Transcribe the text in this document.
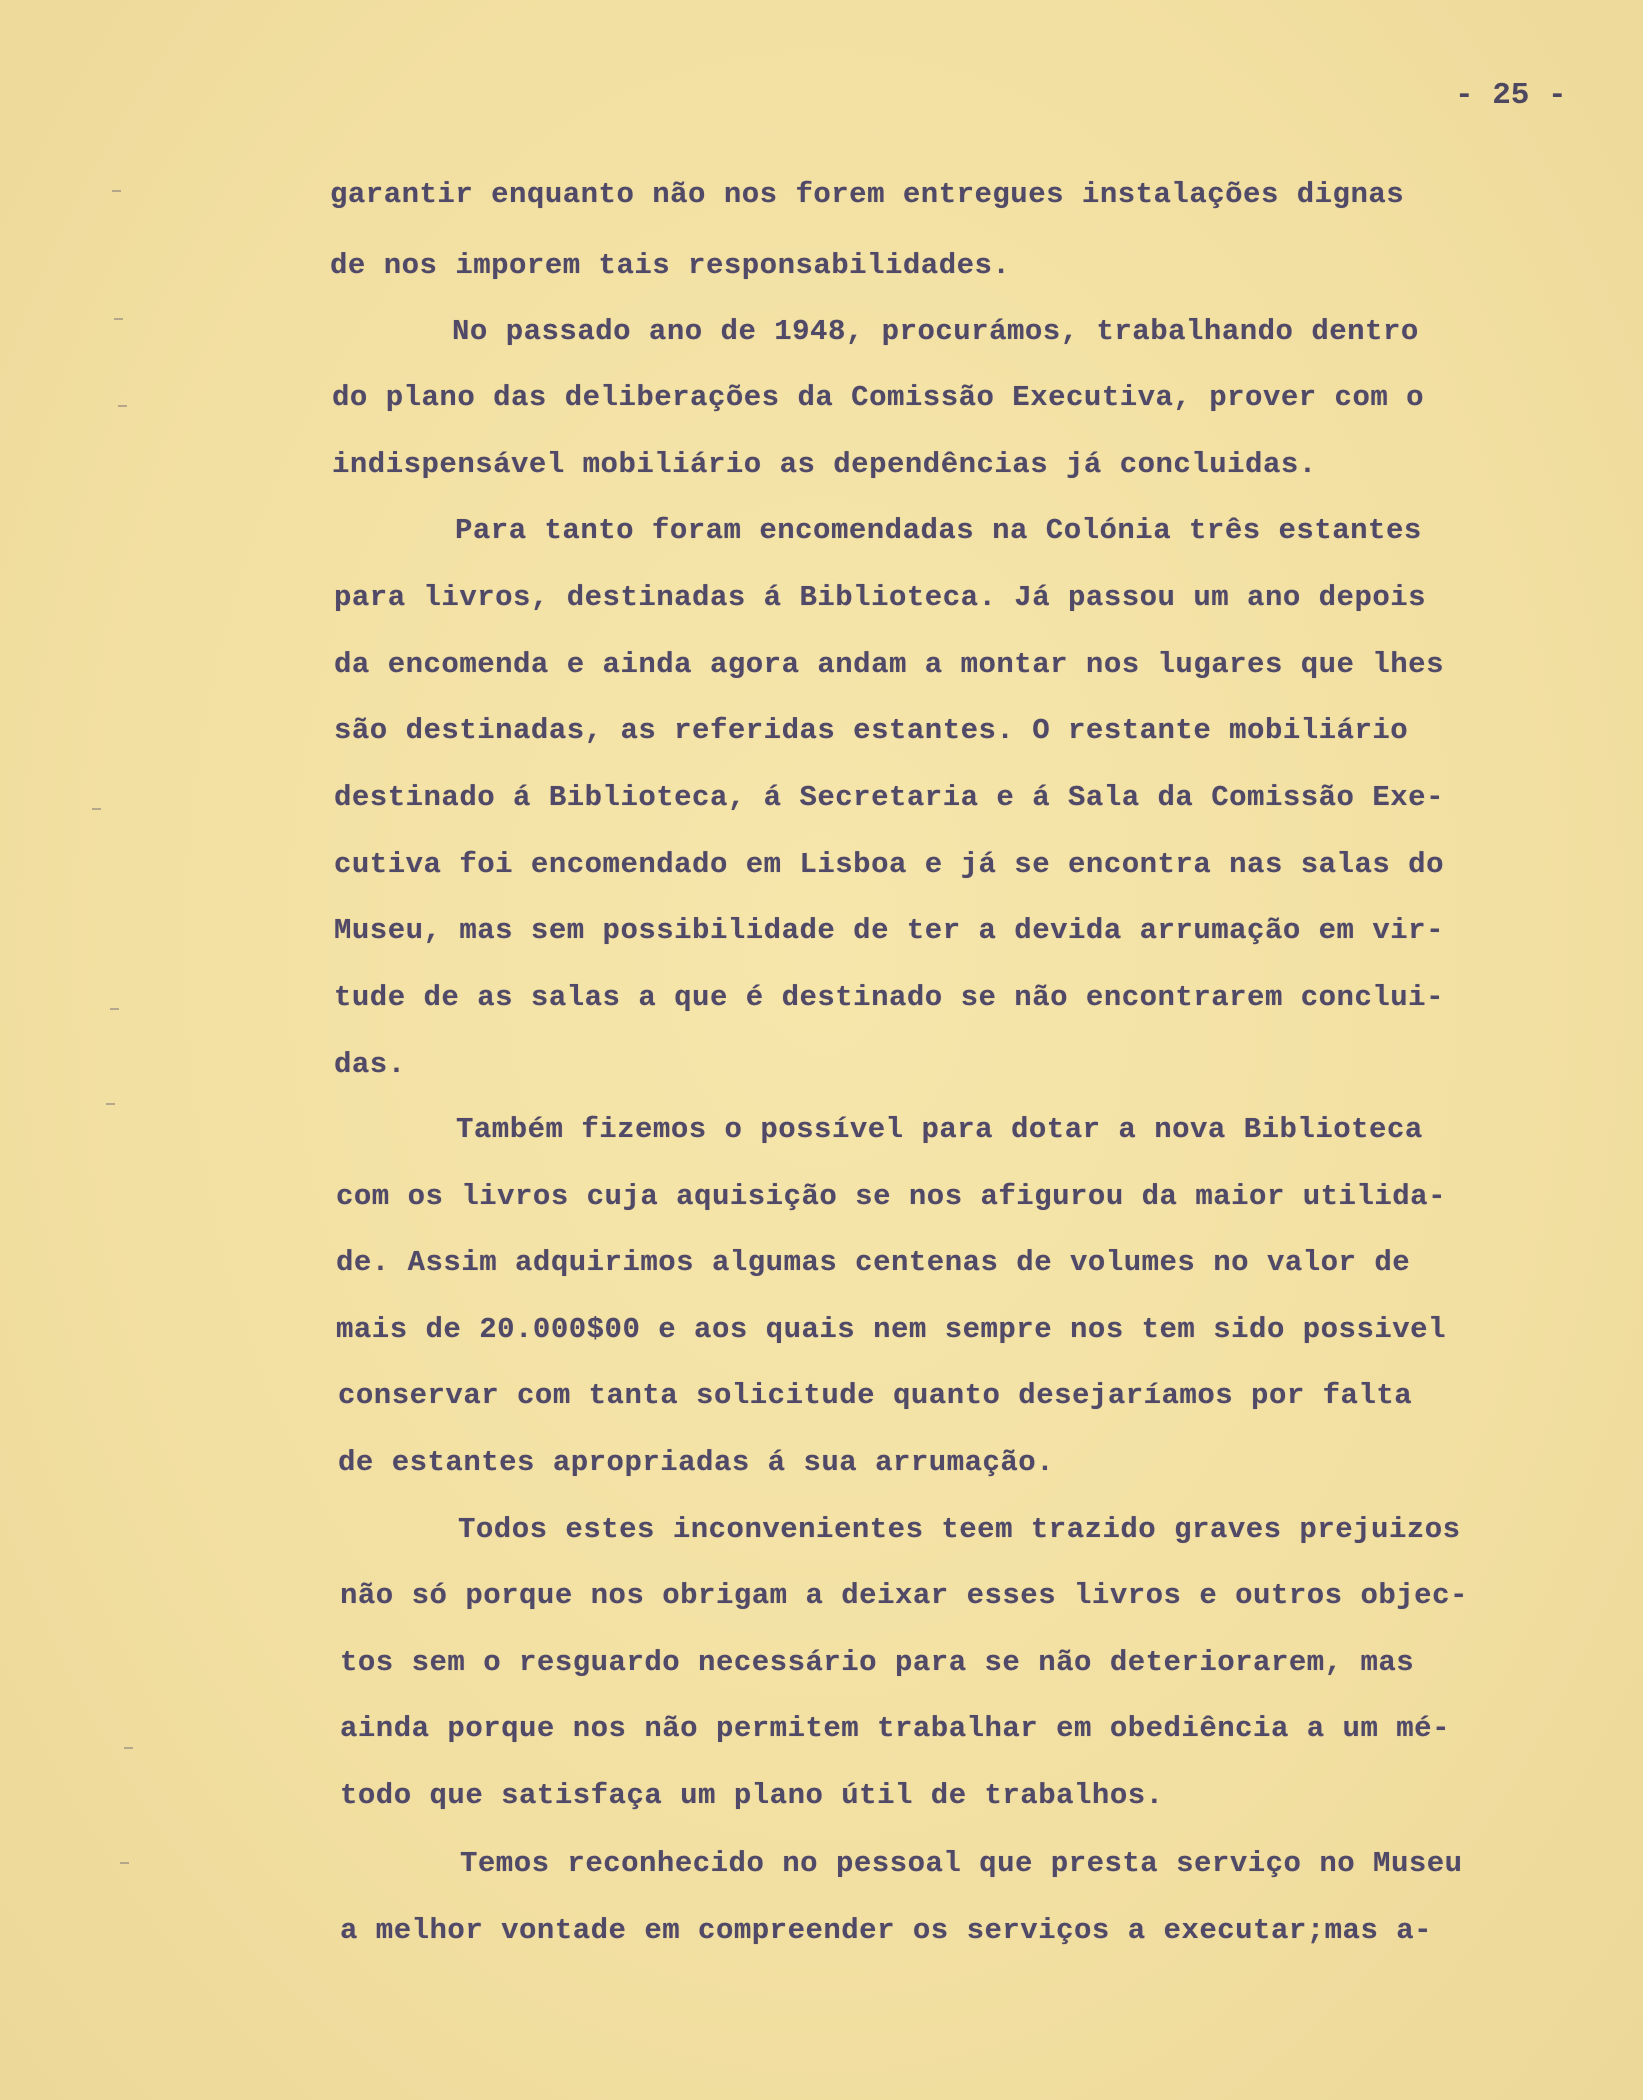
- 25 -
garantir enquanto não nos forem entregues instalações dignas
de nos imporem tais responsabilidades.
No passado ano de 1948, procurámos, trabalhando dentro
do plano das deliberações da Comissão Executiva, prover com o
indispensável mobiliário as dependências já concluidas.
Para tanto foram encomendadas na Colónia três estantes
para livros, destinadas á Biblioteca. Já passou um ano depois
da encomenda e ainda agora andam a montar nos lugares que lhes
são destinadas, as referidas estantes. O restante mobiliário
destinado á Biblioteca, á Secretaria e á Sala da Comissão Exe-
cutiva foi encomendado em Lisboa e já se encontra nas salas do
Museu, mas sem possibilidade de ter a devida arrumação em vir-
tude de as salas a que é destinado se não encontrarem conclui-
das.
Também fizemos o possível para dotar a nova Biblioteca
com os livros cuja aquisição se nos afigurou da maior utilida-
de. Assim adquirimos algumas centenas de volumes no valor de
mais de 20.000$00 e aos quais nem sempre nos tem sido possivel
conservar com tanta solicitude quanto desejaríamos por falta
de estantes apropriadas á sua arrumação.
Todos estes inconvenientes teem trazido graves prejuizos
não só porque nos obrigam a deixar esses livros e outros objec-
tos sem o resguardo necessário para se não deteriorarem, mas
ainda porque nos não permitem trabalhar em obediência a um mé-
todo que satisfaça um plano útil de trabalhos.
Temos reconhecido no pessoal que presta serviço no Museu
a melhor vontade em compreender os serviços a executar;mas a-
